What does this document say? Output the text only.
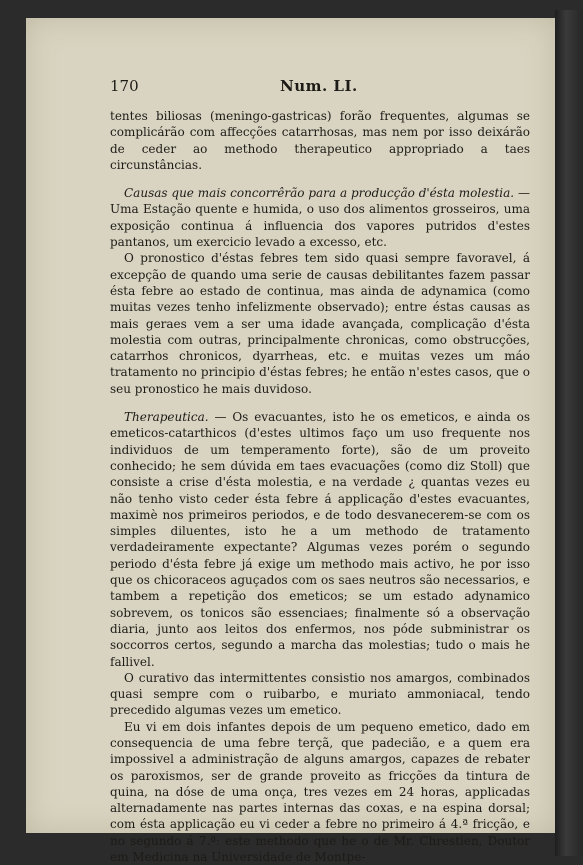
170	Num. LI.

tentes biliosas (meningo-gastricas) forão frequentes, algumas se complicárão com affecções catarrhosas, mas nem por isso deixárão de ceder ao methodo therapeutico appropriado a taes circunstâncias.

Causas que mais concorrêrão para a producção d'ésta molestia. — Uma Estação quente e humida, o uso dos alimentos grosseiros, uma exposição continua á influencia dos vapores putridos d'estes pantanos, um exercicio levado a excesso, etc.

O pronostico d'éstas febres tem sido quasi sempre favoravel, á excepção de quando uma serie de causas debilitantes fazem passar ésta febre ao estado de continua, mas ainda de adynamica (como muitas vezes tenho infelizmente observado); entre éstas causas as mais geraes vem a ser uma idade avançada, complicação d'ésta molestia com outras, principalmente chronicas, como obstrucções, catarrhos chronicos, dyarrheas, etc. e muitas vezes um máo tratamento no principio d'éstas febres; he então n'estes casos, que o seu pronostico he mais duvidoso.

Therapeutica. — Os evacuantes, isto he os emeticos, e ainda os emeticos-catarthicos (d'estes ultimos faço um uso frequente nos individuos de um temperamento forte), são de um proveito conhecido; he sem dúvida em taes evacuações (como diz Stoll) que consiste a crise d'ésta molestia, e na verdade ¿ quantas vezes eu não tenho visto ceder ésta febre á applicação d'estes evacuantes, maximè nos primeiros periodos, e de todo desvanecerem-se com os simples diluentes, isto he a um methodo de tratamento verdadeiramente expectante? Algumas vezes porém o segundo periodo d'ésta febre já exige um methodo mais activo, he por isso que os chicoraceos aguçados com os saes neutros são necessarios, e tambem a repetição dos emeticos; se um estado adynamico sobrevem, os tonicos são essenciaes; finalmente só a observação diaria, junto aos leitos dos enfermos, nos póde subministrar os soccorros certos, segundo a marcha das molestias; tudo o mais he fallivel.

O curativo das intermittentes consistio nos amargos, combinados quasi sempre com o ruibarbo, e muriato ammoniacal, tendo precedido algumas vezes um emetico.

Eu vi em dois infantes depois de um pequeno emetico, dado em consequencia de uma febre terçã, que padecião, e a quem era impossivel a administração de alguns amargos, capazes de rebater os paroxismos, ser de grande proveito as fricções da tintura de quina, na dóse de uma onça, tres vezes em 24 horas, applicadas alternadamente nas partes internas das coxas, e na espina dorsal; com ésta applicação eu vi ceder a febre no primeiro á 4.ª fricção, e no segundo á 7.ª: este methodo que he o de Mr. Chrestien, Doutor em Medicina na Universidade de Montpe-
